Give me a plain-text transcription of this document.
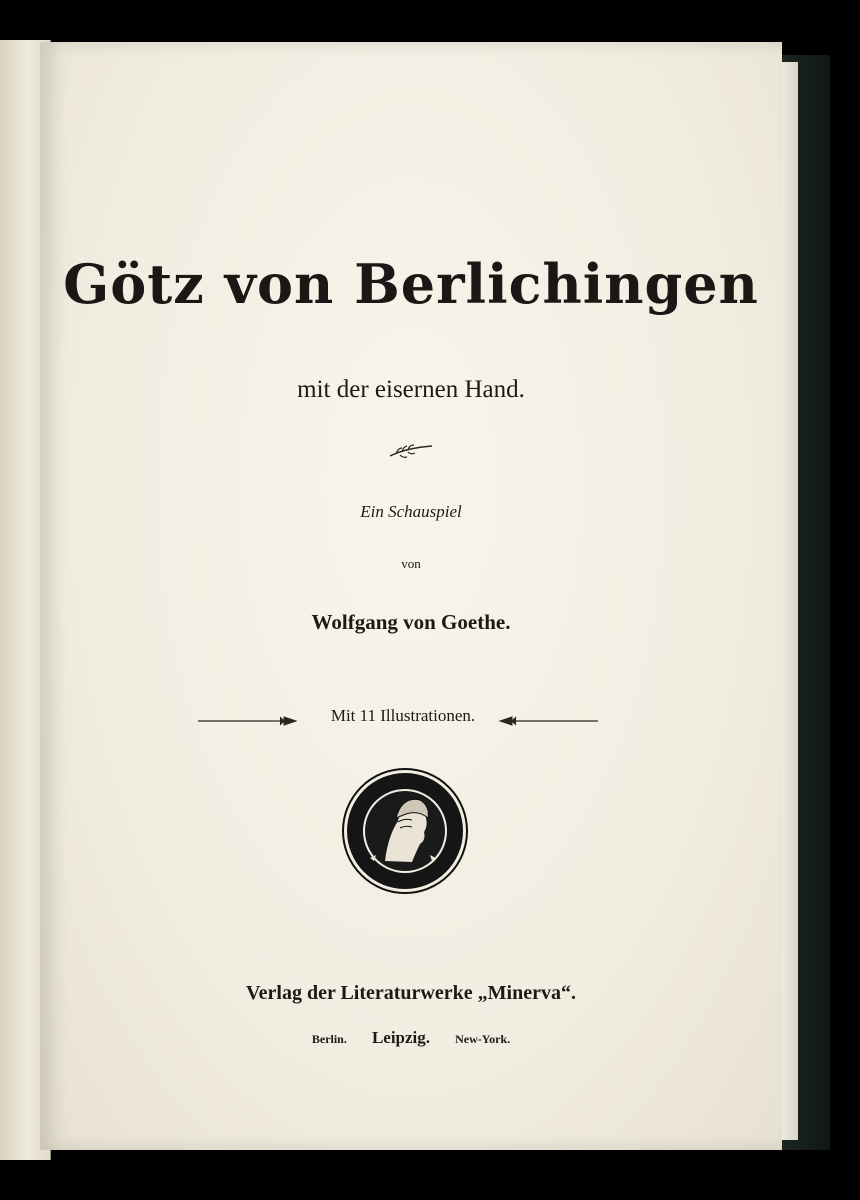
Götz von Berlichingen
mit der eisernen Hand.
Ein Schauspiel
von
Wolfgang von Goethe.
Mit 11 Illustrationen.
Verlag der Literaturwerke „Minerva“.
Berlin. Leipzig. New-York.
